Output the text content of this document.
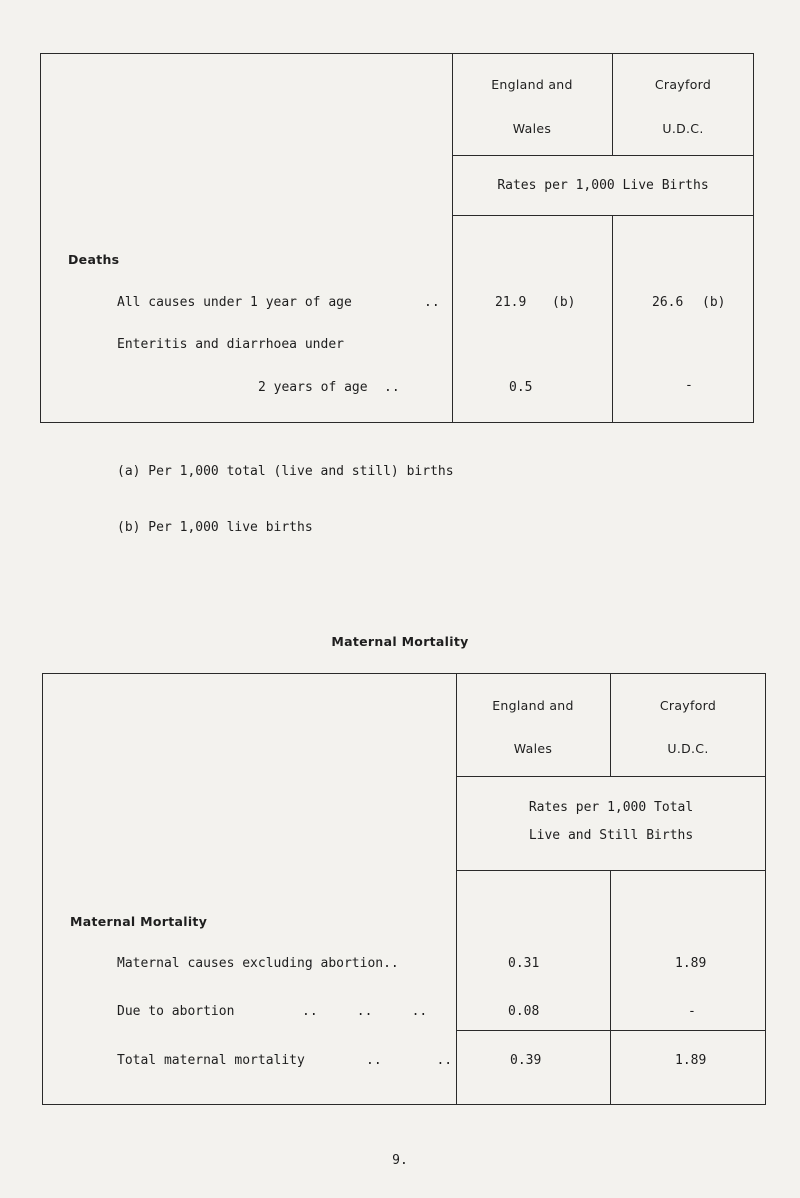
England and
Wales
Crayford
U.D.C.
Rates per 1,000 Live Births
Deaths
All causes under 1 year of age	..	21.9 (b)	26.6 (b)
Enteritis and diarrhoea under
2 years of age ..	0.5	-
(a) Per 1,000 total (live and still) births
(b) Per 1,000 live births
Maternal Mortality
England and
Wales
Crayford
U.D.C.
Rates per 1,000 Total
Live and Still Births
Maternal Mortality
Maternal causes excluding abortion..	0.31	1.89
Due to abortion	..     ..     ..	0.08	-
Total maternal mortality	..       ..	0.39	1.89
9.
